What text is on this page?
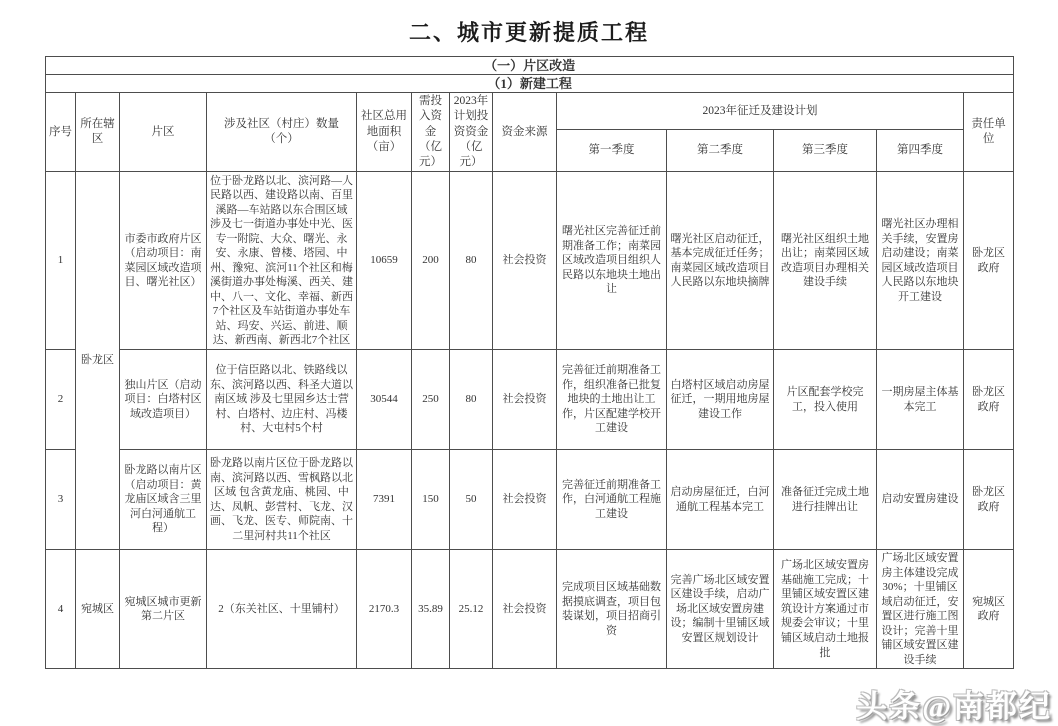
二、城市更新提质工程
（一）片区改造												
（1）新建工程												
序号	所在辖区	片区	涉及社区（村庄）数量（个）	社区总用地面积（亩）	需投入资金（亿元）	2023年计划投资资金（亿元）	资金来源	2023年征迁及建设计划				责任单位
								第一季度	第二季度	第三季度	第四季度	
1	卧龙区	市委市政府片区（启动项目：南菜园区域改造项目、曙光社区）	位于卧龙路以北、滨河路—人民路以西、建设路以南、百里溪路—车站路以东合围区域 涉及七一街道办事处中光、医专一附院、大众、曙光、永安、永康、曾楼、塔园、中州、豫宛、滨河11个社区和梅溪街道办事处梅溪、西关、建中、八一、文化、幸福、新西7个社区及车站街道办事处车站、玛安、兴运、前进、顺达、新西南、新西北7个社区	10659	200	80	社会投资	曙光社区完善征迁前期准备工作；南菜园区域改造项目组织人民路以东地块土地出让	曙光社区启动征迁，基本完成征迁任务；南菜园区域改造项目人民路以东地块摘牌	曙光社区组织土地出让；南菜园区域改造项目办理相关建设手续	曙光社区办理相关手续，安置房启动建设；南菜园区域改造项目人民路以东地块开工建设	卧龙区政府
2		独山片区（启动项目：白塔村区域改造项目）	位于信臣路以北、铁路线以东、滨河路以西、科圣大道以南区域 涉及七里园乡达士营村、白塔村、边庄村、冯楼村、大屯村5个村	30544	250	80	社会投资	完善征迁前期准备工作，组织准备已批复地块的土地出让工作，片区配建学校开工建设	白塔村区域启动房屋征迁，一期用地房屋建设工作	片区配套学校完工，投入使用	一期房屋主体基本完工	卧龙区政府
3		卧龙路以南片区（启动项目：黄龙庙区域含三里河白河通航工程）	卧龙路以南片区位于卧龙路以南、滨河路以西、雪枫路以北区域 包含黄龙庙、桃园、中达、凤帆、彭营村、飞龙、汉画、飞龙、医专、师院南、十二里河村共11个社区	7391	150	50	社会投资	完善征迁前期准备工作，白河通航工程施工建设	启动房屋征迁，白河通航工程基本完工	准备征迁完成土地进行挂牌出让	启动安置房建设	卧龙区政府
4	宛城区	宛城区城市更新第二片区	2（东关社区、十里铺村）	2170.3	35.89	25.12	社会投资	完成项目区域基础数据摸底调查，项目包装谋划，项目招商引资	完善广场北区域安置区建设手续，启动广场北区域安置房建设；编制十里铺区域安置区规划设计	广场北区域安置房基础施工完成；十里铺区域安置区建筑设计方案通过市规委会审议；十里铺区域启动土地报批	广场北区域安置房主体建设完成30%；十里铺区域启动征迁，安置区进行施工图设计；完善十里铺区域安置区建设手续	宛城区政府
头条@南都纪
